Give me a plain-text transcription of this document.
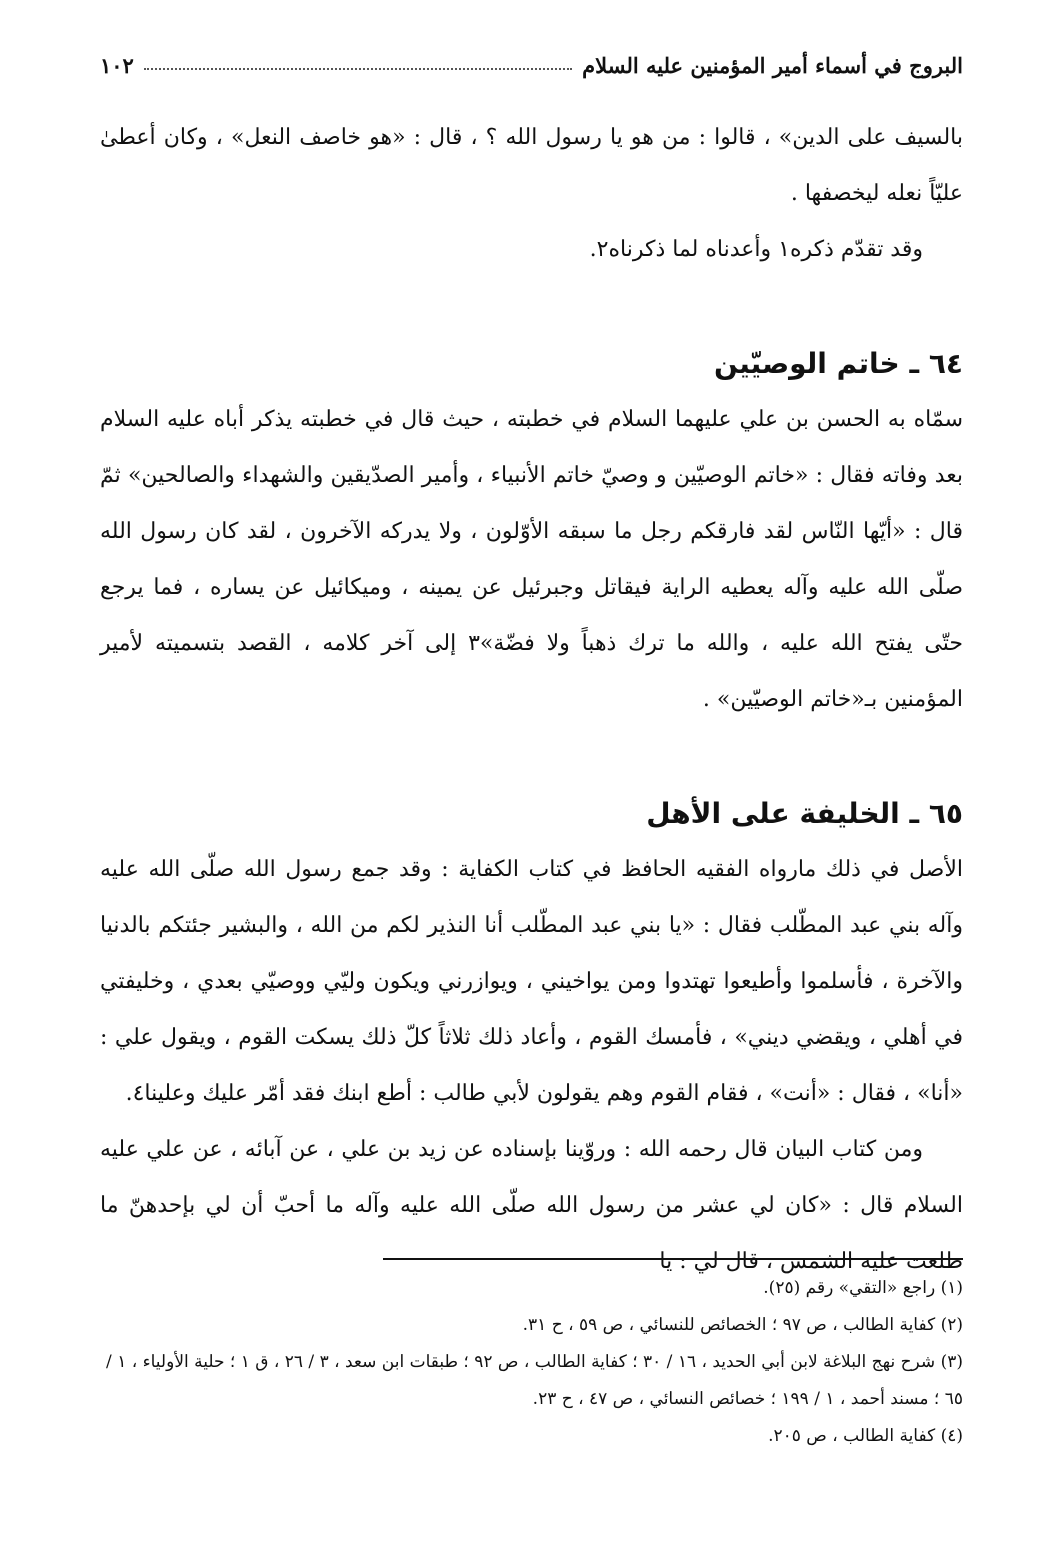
البروج في أسماء أمير المؤمنين عليه السلام
١٠٢

بالسيف على الدين» ، قالوا : من هو يا رسول الله ؟ ، قال : «هو خاصف النعل» ، وكان أعطىٰ عليّاً نعله ليخصفها .

وقد تقدّم ذكره١ وأعدناه لما ذكرناه٢.

٦٤ ـ خاتم الوصيّين

سمّاه به الحسن بن علي عليهما السلام في خطبته ، حيث قال في خطبته يذكر أباه عليه السلام بعد وفاته فقال : «خاتم الوصيّين و وصيّ خاتم الأنبياء ، وأمير الصدّيقين والشهداء والصالحين» ثمّ قال : «أيّها النّاس لقد فارقكم رجل ما سبقه الأوّلون ، ولا يدركه الآخرون ، لقد كان رسول الله صلّى الله عليه وآله يعطيه الراية فيقاتل وجبرئيل عن يمينه ، وميكائيل عن يساره ، فما يرجع حتّى يفتح الله عليه ، والله ما ترك ذهباً ولا فضّة»٣ إلى آخر كلامه ، القصد بتسميته لأمير المؤمنين بـ«خاتم الوصيّين» .

٦٥ ـ الخليفة على الأهل

الأصل في ذلك مارواه الفقيه الحافظ في كتاب الكفاية : وقد جمع رسول الله صلّى الله عليه وآله بني عبد المطّلب فقال : «يا بني عبد المطّلب أنا النذير لكم من الله ، والبشير جئتكم بالدنيا والآخرة ، فأسلموا وأطيعوا تهتدوا ومن يواخيني ، ويوازرني ويكون وليّي ووصيّي بعدي ، وخليفتي في أهلي ، ويقضي ديني» ، فأمسك القوم ، وأعاد ذلك ثلاثاً كلّ ذلك يسكت القوم ، ويقول علي : «أنا» ، فقال : «أنت» ، فقام القوم وهم يقولون لأبي طالب : أطع ابنك فقد أمّر عليك وعلينا٤.

ومن كتاب البيان قال رحمه الله : وروّينا بإسناده عن زيد بن علي ، عن آبائه ، عن علي عليه السلام قال : «كان لي عشر من رسول الله صلّى الله عليه وآله ما أحبّ أن لي بإحدهنّ ما طلعت عليه الشمس ، قال لي : يا

(١) راجع «التقي» رقم (٢٥).

(٢) كفاية الطالب ، ص ٩٧ ؛ الخصائص للنسائي ، ص ٥٩ ، ح ٣١.

(٣) شرح نهج البلاغة لابن أبي الحديد ، ١٦ / ٣٠ ؛ كفاية الطالب ، ص ٩٢ ؛ طبقات ابن سعد ، ٣ / ٢٦ ، ق ١ ؛ حلية الأولياء ، ١ / ٦٥ ؛ مسند أحمد ، ١ / ١٩٩ ؛ خصائص النسائي ، ص ٤٧ ، ح ٢٣.

(٤) كفاية الطالب ، ص ٢٠٥.
